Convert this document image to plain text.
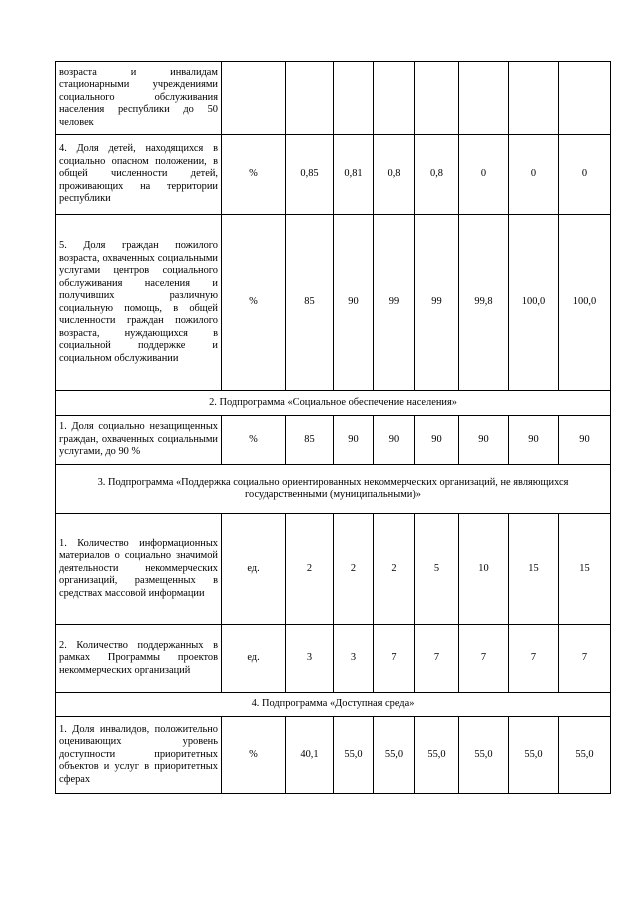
возраста и инвалидам стационарными учреждениями социального обслуживания населения республики до 50 человек								
4. Доля детей, находящихся в социально опасном положении, в общей численности детей, проживающих на территории республики	%	0,85	0,81	0,8	0,8	0	0	0
5. Доля граждан пожилого возраста, охваченных социальными услугами центров социального обслуживания населения и получивших различную социальную помощь, в общей численности граждан пожилого возраста, нуждающихся в социальной поддержке и социальном обслуживании	%	85	90	99	99	99,8	100,0	100,0
2. Подпрограмма «Социальное обеспечение населения»								
1. Доля социально незащищенных граждан, охваченных социальными услугами, до 90 %	%	85	90	90	90	90	90	90
3. Подпрограмма «Поддержка социально ориентированных некоммерческих организаций, не являющихся государственными (муниципальными)»								
1. Количество информационных материалов о социально значимой деятельности некоммерческих организаций, размещенных в средствах массовой информации	ед.	2	2	2	5	10	15	15
2. Количество поддержанных в рамках Программы проектов некоммерческих организаций	ед.	3	3	7	7	7	7	7
4. Подпрограмма «Доступная среда»								
1. Доля инвалидов, положительно оценивающих уровень доступности приоритетных объектов и услуг в приоритетных сферах	%	40,1	55,0	55,0	55,0	55,0	55,0	55,0
